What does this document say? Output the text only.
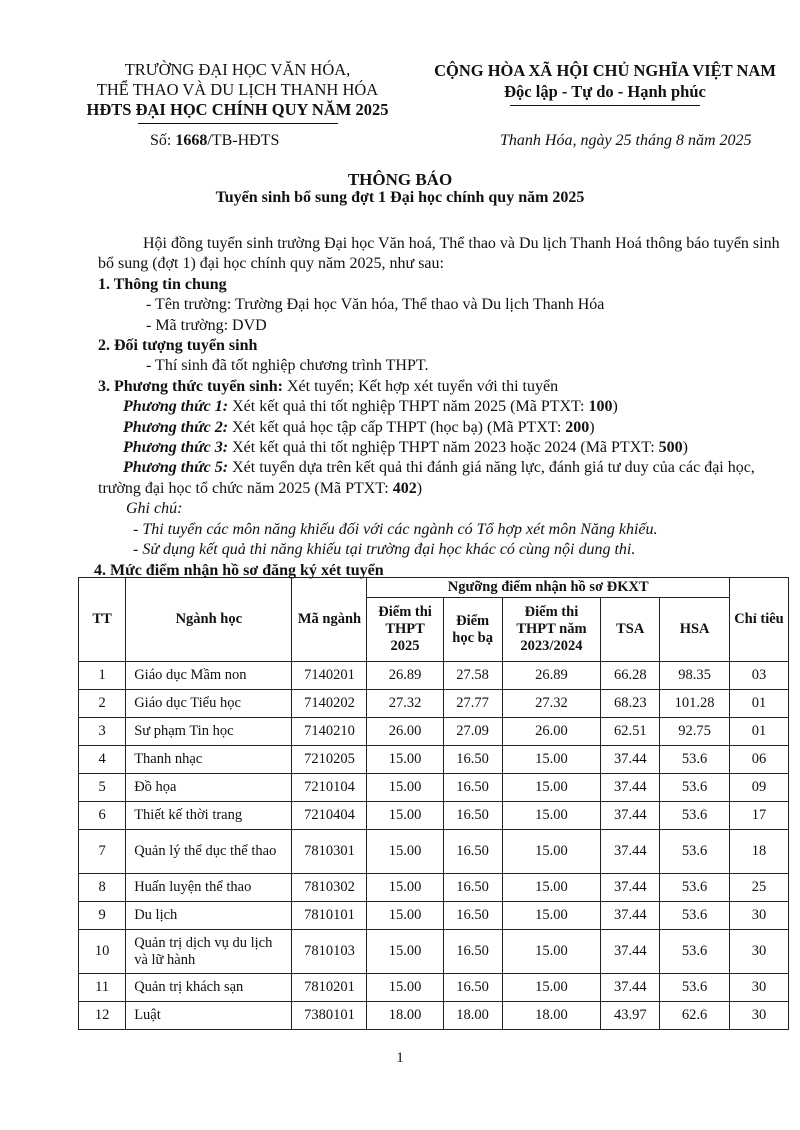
TRƯỜNG ĐẠI HỌC VĂN HÓA,
THỂ THAO VÀ DU LỊCH THANH HÓA
HĐTS ĐẠI HỌC CHÍNH QUY NĂM 2025
CỘNG HÒA XÃ HỘI CHỦ NGHĨA VIỆT NAM
Độc lập - Tự do - Hạnh phúc
Số: 1668/TB-HĐTS	Thanh Hóa, ngày 25 tháng 8 năm 2025
THÔNG BÁO
Tuyển sinh bổ sung đợt 1 Đại học chính quy năm 2025

Hội đồng tuyển sinh trường Đại học Văn hoá, Thể thao và Du lịch Thanh Hoá thông báo tuyển sinh bổ sung (đợt 1) đại học chính quy năm 2025, như sau:

1. Thông tin chung

- Tên trường: Trường Đại học Văn hóa, Thể thao và Du lịch Thanh Hóa

- Mã trường: DVD

2. Đối tượng tuyển sinh

- Thí sinh đã tốt nghiệp chương trình THPT.

3. Phương thức tuyển sinh: Xét tuyển; Kết hợp xét tuyển với thi tuyển

Phương thức 1: Xét kết quả thi tốt nghiệp THPT năm 2025 (Mã PTXT: 100)

Phương thức 2: Xét kết quả học tập cấp THPT (học bạ) (Mã PTXT: 200)

Phương thức 3: Xét kết quả thi tốt nghiệp THPT năm 2023 hoặc 2024 (Mã PTXT: 500)

Phương thức 5: Xét tuyển dựa trên kết quả thi đánh giá năng lực, đánh giá tư duy của các đại học, trường đại học tổ chức năm 2025 (Mã PTXT: 402)

Ghi chú:

- Thi tuyển các môn năng khiếu đối với các ngành có Tổ hợp xét môn Năng khiếu.

- Sử dụng kết quả thi năng khiếu tại trường đại học khác có cùng nội dung thi.

4. Mức điểm nhận hồ sơ đăng ký xét tuyển

TT	Ngành học	Mã ngành	Ngưỡng điểm nhận hồ sơ ĐKXT					Chỉ tiêu
			Điểm thi THPT 2025	Điểm học bạ	Điểm thi THPT năm 2023/2024	TSA	HSA	
1	Giáo dục Mầm non	7140201	26.89	27.58	26.89	66.28	98.35	03
2	Giáo dục Tiểu học	7140202	27.32	27.77	27.32	68.23	101.28	01
3	Sư phạm Tin học	7140210	26.00	27.09	26.00	62.51	92.75	01
4	Thanh nhạc	7210205	15.00	16.50	15.00	37.44	53.6	06
5	Đồ họa	7210104	15.00	16.50	15.00	37.44	53.6	09
6	Thiết kế thời trang	7210404	15.00	16.50	15.00	37.44	53.6	17
7	Quản lý thể dục thể thao	7810301	15.00	16.50	15.00	37.44	53.6	18
8	Huấn luyện thể thao	7810302	15.00	16.50	15.00	37.44	53.6	25
9	Du lịch	7810101	15.00	16.50	15.00	37.44	53.6	30
10	Quản trị dịch vụ du lịch và lữ hành	7810103	15.00	16.50	15.00	37.44	53.6	30
11	Quản trị khách sạn	7810201	15.00	16.50	15.00	37.44	53.6	30
12	Luật	7380101	18.00	18.00	18.00	43.97	62.6	30
1
